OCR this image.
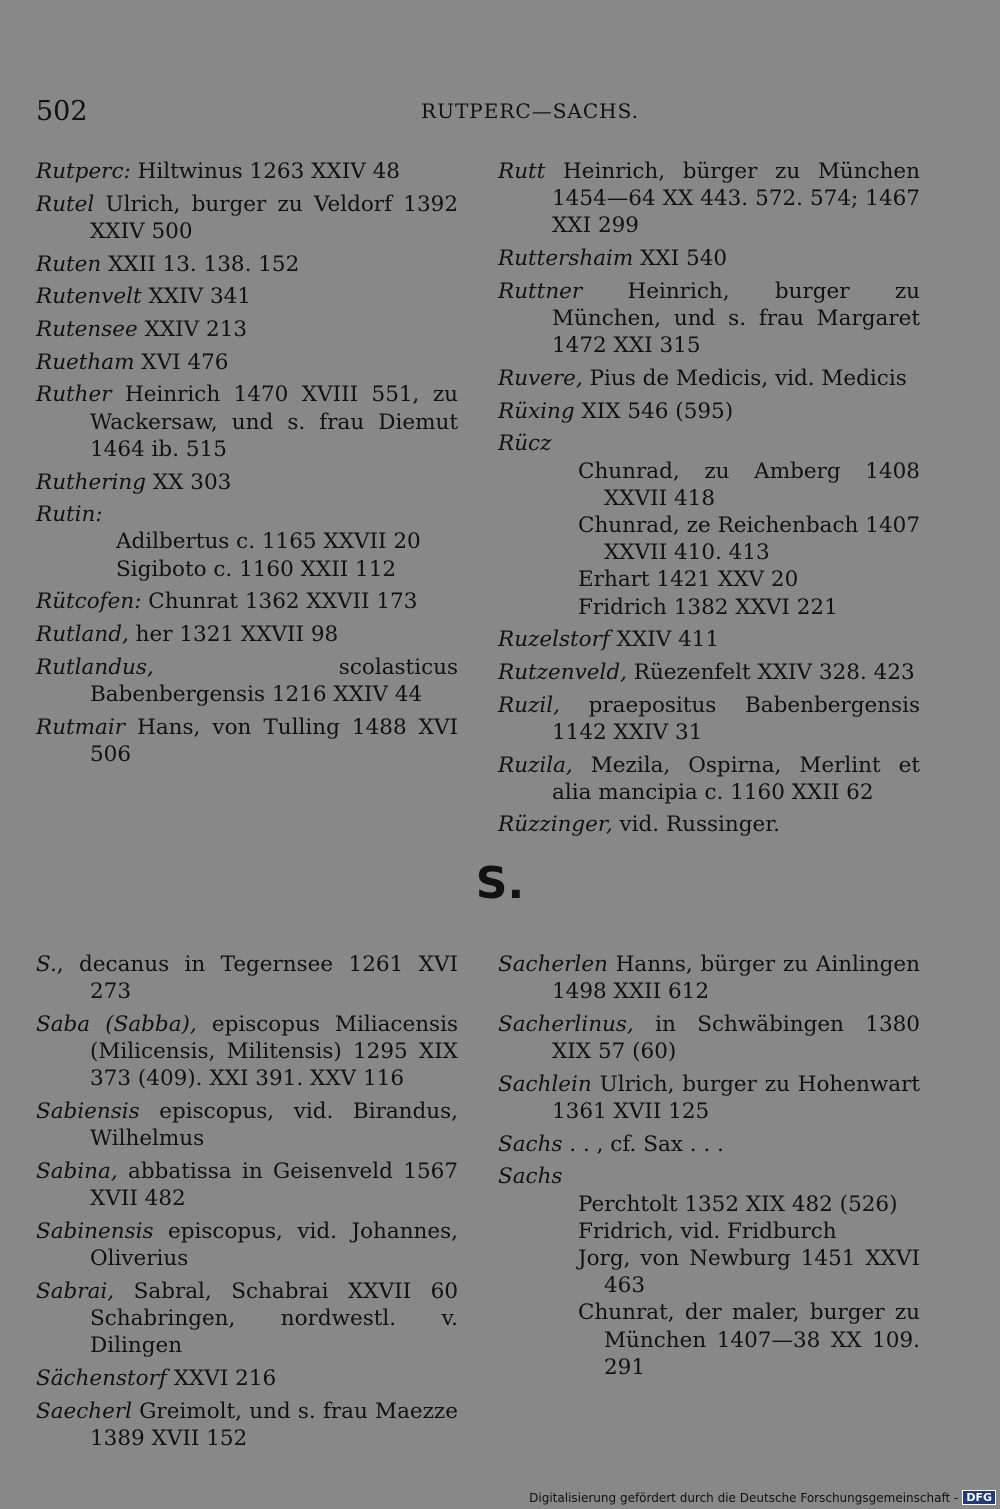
502	RUTPERC—SACHS.
Rutperc: Hiltwinus 1263 XXIV 48
Rutel Ulrich, burger zu Veldorf 1392 XXIV 500
Ruten XXII 13. 138. 152
Rutenvelt XXIV 341
Rutensee XXIV 213
Ruetham XVI 476
Ruther Heinrich 1470 XVIII 551, zu Wackersaw, und s. frau Diemut 1464 ib. 515
Ruthering XX 303
Rutin:
Adilbertus c. 1165 XXVII 20
Sigiboto c. 1160 XXII 112
Rütcofen: Chunrat 1362 XXVII 173
Rutland, her 1321 XXVII 98
Rutlandus, scolasticus Babenbergensis 1216 XXIV 44
Rutmair Hans, von Tulling 1488 XVI 506
Rutt Heinrich, bürger zu München 1454—64 XX 443. 572. 574; 1467 XXI 299
Ruttershaim XXI 540
Ruttner Heinrich, burger zu München, und s. frau Margaret 1472 XXI 315
Ruvere, Pius de Medicis, vid. Medicis
Rüxing XIX 546 (595)
Rücz
Chunrad, zu Amberg 1408 XXVII 418
Chunrad, ze Reichenbach 1407 XXVII 410. 413
Erhart 1421 XXV 20
Fridrich 1382 XXVI 221
Ruzelstorf XXIV 411
Rutzenveld, Rüezenfelt XXIV 328. 423
Ruzil, praepositus Babenbergensis 1142 XXIV 31
Ruzila, Mezila, Ospirna, Merlint et alia mancipia c. 1160 XXII 62
Rüzzinger, vid. Russinger.
S.
S., decanus in Tegernsee 1261 XVI 273
Saba (Sabba), episcopus Miliacensis (Milicensis, Militensis) 1295 XIX 373 (409). XXI 391. XXV 116
Sabiensis episcopus, vid. Birandus, Wilhelmus
Sabina, abbatissa in Geisenveld 1567 XVII 482
Sabinensis episcopus, vid. Johannes, Oliverius
Sabrai, Sabral, Schabrai XXVII 60 Schabringen, nordwestl. v. Dilingen
Sächenstorf XXVI 216
Saecherl Greimolt, und s. frau Maezze 1389 XVII 152
Sacherlen Hanns, bürger zu Ainlingen 1498 XXII 612
Sacherlinus, in Schwäbingen 1380 XIX 57 (60)
Sachlein Ulrich, burger zu Hohenwart 1361 XVII 125
Sachs . . , cf. Sax . . .
Sachs
Perchtolt 1352 XIX 482 (526)
Fridrich, vid. Fridburch
Jorg, von Newburg 1451 XXVI 463
Chunrat, der maler, burger zu München 1407—38 XX 109. 291
Digitalisierung gefördert durch die Deutsche Forschungsgemeinschaft - DFG
